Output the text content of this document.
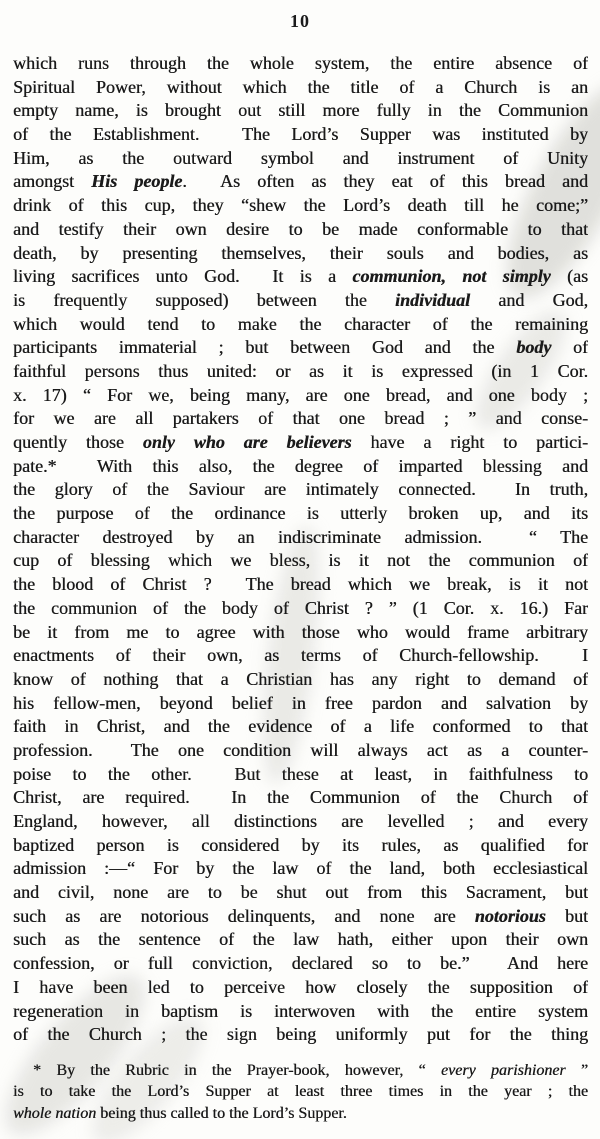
10
which runs through the whole system, the entire absence of
Spiritual Power, without which the title of a Church is an
empty name, is brought out still more fully in the Communion
of the Establishment.  The Lord’s Supper was instituted by
Him, as the outward symbol and instrument of Unity
amongst His people.  As often as they eat of this bread and
drink of this cup, they “shew the Lord’s death till he come;”
and testify their own desire to be made conformable to that
death, by presenting themselves, their souls and bodies, as
living sacrifices unto God.  It is a communion, not simply (as
is frequently supposed) between the individual and God,
which would tend to make the character of the remaining
participants immaterial ; but between God and the body of
faithful persons thus united: or as it is expressed (in 1 Cor.
x. 17) “ For we, being many, are one bread, and one body ;
for we are all partakers of that one bread ; ” and conse-
quently those only who are believers have a right to partici-
pate.*  With this also, the degree of imparted blessing and
the glory of the Saviour are intimately connected.  In truth,
the purpose of the ordinance is utterly broken up, and its
character destroyed by an indiscriminate admission.  “ The
cup of blessing which we bless, is it not the communion of
the blood of Christ ?  The bread which we break, is it not
the communion of the body of Christ ? ” (1 Cor. x. 16.) Far
be it from me to agree with those who would frame arbitrary
enactments of their own, as terms of Church-fellowship.  I
know of nothing that a Christian has any right to demand of
his fellow-men, beyond belief in free pardon and salvation by
faith in Christ, and the evidence of a life conformed to that
profession.  The one condition will always act as a counter-
poise to the other.  But these at least, in faithfulness to
Christ, are required.  In the Communion of the Church of
England, however, all distinctions are levelled ; and every
baptized person is considered by its rules, as qualified for
admission :—“ For by the law of the land, both ecclesiastical
and civil, none are to be shut out from this Sacrament, but
such as are notorious delinquents, and none are notorious but
such as the sentence of the law hath, either upon their own
confession, or full conviction, declared so to be.”  And here
I have been led to perceive how closely the supposition of
regeneration in baptism is interwoven with the entire system
of the Church ; the sign being uniformly put for the thing
* By the Rubric in the Prayer-book, however, “ every parishioner ”
is to take the Lord’s Supper at least three times in the year ; the
whole nation being thus called to the Lord’s Supper.
